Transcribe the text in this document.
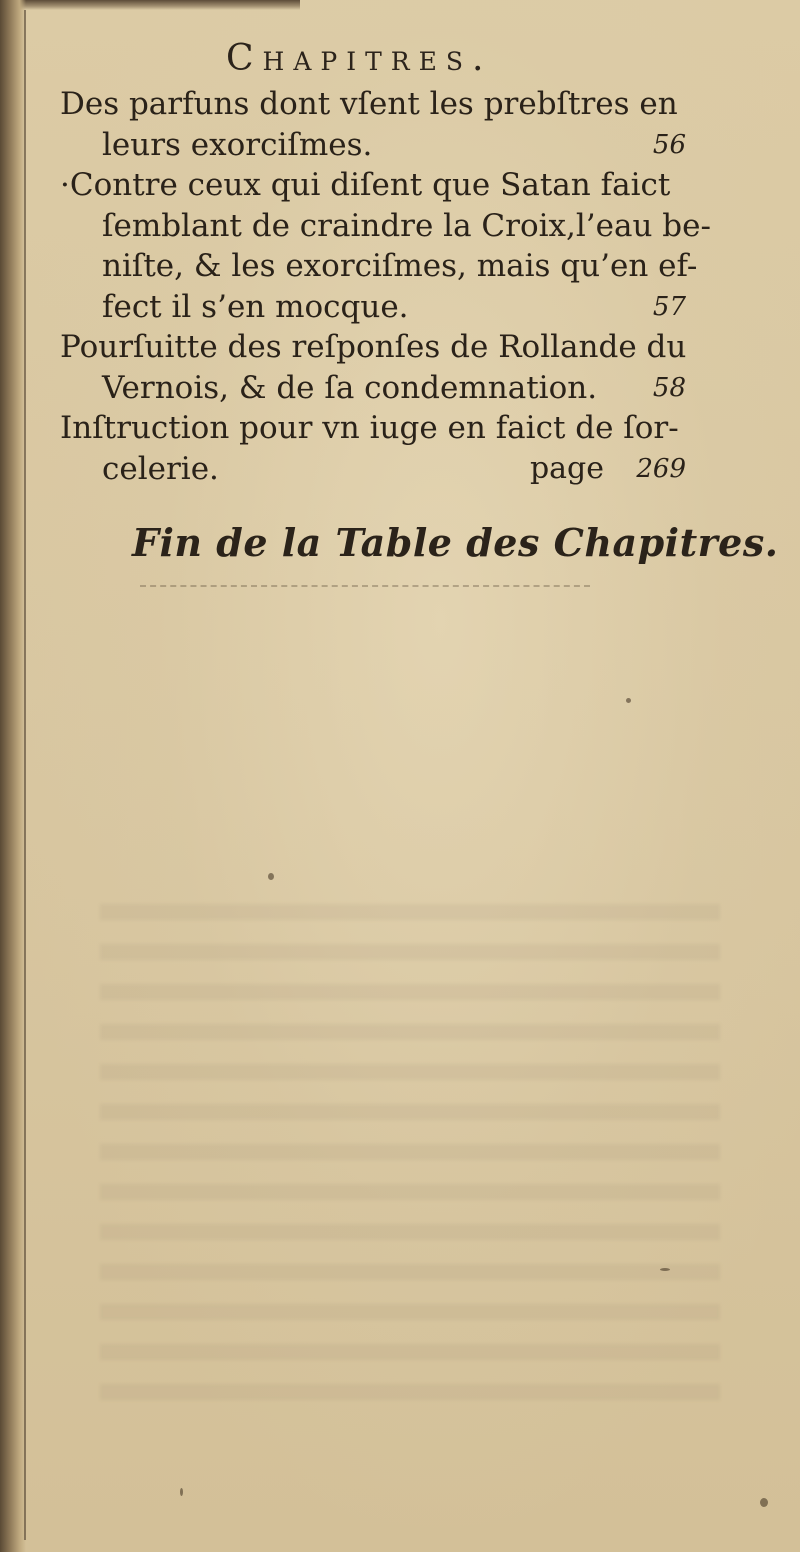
Chapitres.
Des parfuns dont vſent les prebſtres en
leurs exorciſmes.	56
·Contre ceux qui diſent que Satan faict
ſemblant de craindre la Croix,l’eau be-
niſte, & les exorciſmes, mais qu’en ef-
fect il s’en mocque.	57
Pourſuitte des reſponſes de Rollande du
Vernois, & de ſa condemnation. 58
Inſtruction pour vn iuge en faict de ſor-
celerie.	page 269
Fin de la Table des Chapitres.
